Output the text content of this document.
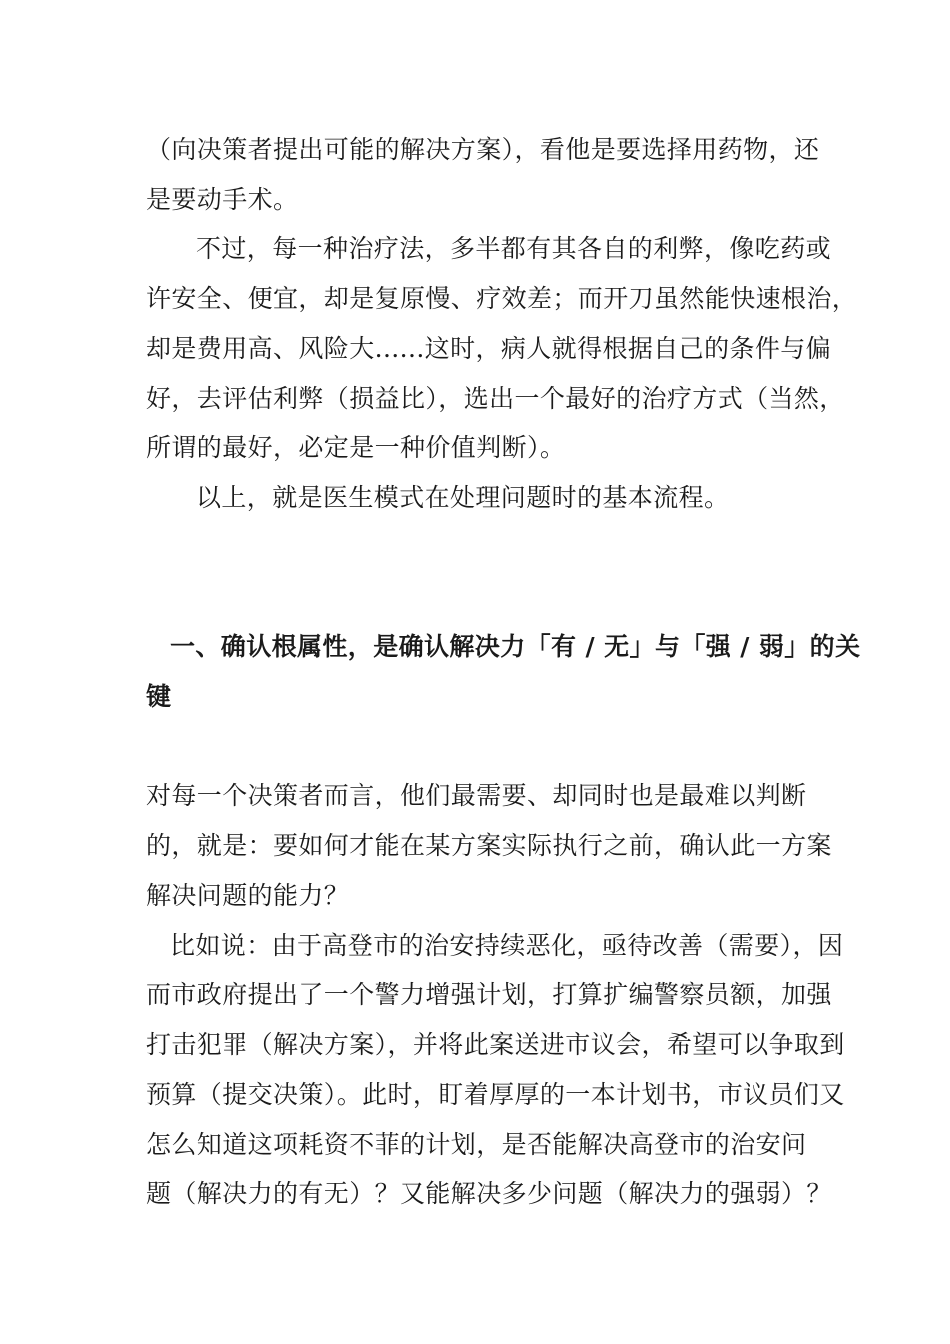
（向决策者提出可能的解决方案），看他是要选择用药物，还
是要动手术。
不过，每一种治疗法，多半都有其各自的利弊，像吃药或
许安全、便宜，却是复原慢、疗效差；而开刀虽然能快速根治，
却是费用高、风险大......这时，病人就得根据自己的条件与偏
好，去评估利弊（损益比），选出一个最好的治疗方式（当然，
所谓的最好，必定是一种价值判断）。
以上，就是医生模式在处理问题时的基本流程。
一、确认根属性，是确认解决力「有 / 无」与「强 / 弱」的关
键
对每一个决策者而言，他们最需要、却同时也是最难以判断
的，就是：要如何才能在某方案实际执行之前，确认此一方案
解决问题的能力？
比如说：由于高登市的治安持续恶化，亟待改善（需要），因
而市政府提出了一个警力增强计划，打算扩编警察员额，加强
打击犯罪（解决方案），并将此案送进市议会，希望可以争取到
预算（提交决策）。此时，盯着厚厚的一本计划书，市议员们又
怎么知道这项耗资不菲的计划，是否能解决高登市的治安问
题（解决力的有无）？又能解决多少问题（解决力的强弱）？
